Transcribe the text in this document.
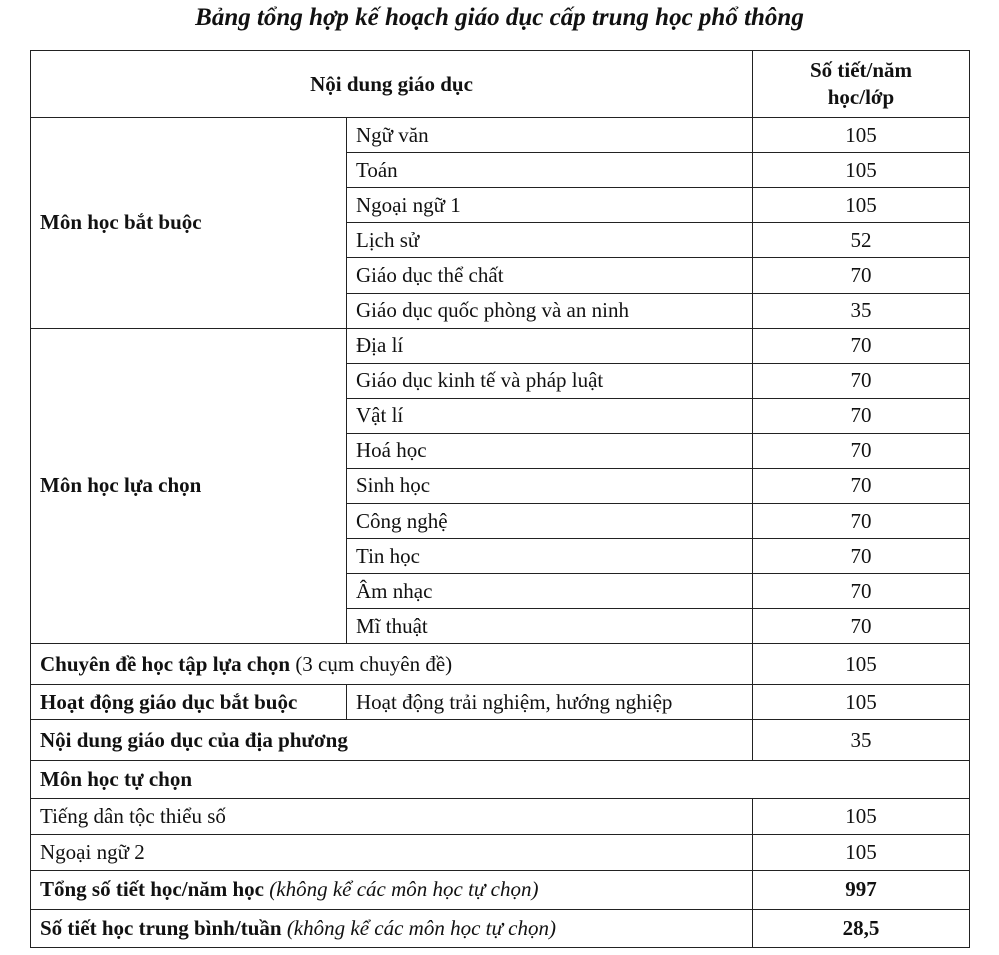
Bảng tổng hợp kế hoạch giáo dục cấp trung học phổ thông
Nội dung giáo dục		Số tiết/năm
học/lớp
Môn học bắt buộc	Ngữ văn	105
	Toán	105
	Ngoại ngữ 1	105
	Lịch sử	52
	Giáo dục thể chất	70
	Giáo dục quốc phòng và an ninh	35
Môn học lựa chọn	Địa lí	70
	Giáo dục kinh tế và pháp luật	70
	Vật lí	70
	Hoá học	70
	Sinh học	70
	Công nghệ	70
	Tin học	70
	Âm nhạc	70
	Mĩ thuật	70
Chuyên đề học tập lựa chọn (3 cụm chuyên đề)		105
Hoạt động giáo dục bắt buộc	Hoạt động trải nghiệm, hướng nghiệp	105
Nội dung giáo dục của địa phương		35
Môn học tự chọn		
Tiếng dân tộc thiểu số		105
Ngoại ngữ 2		105
Tổng số tiết học/năm học (không kể các môn học tự chọn)		997
Số tiết học trung bình/tuần (không kể các môn học tự chọn)		28,5
